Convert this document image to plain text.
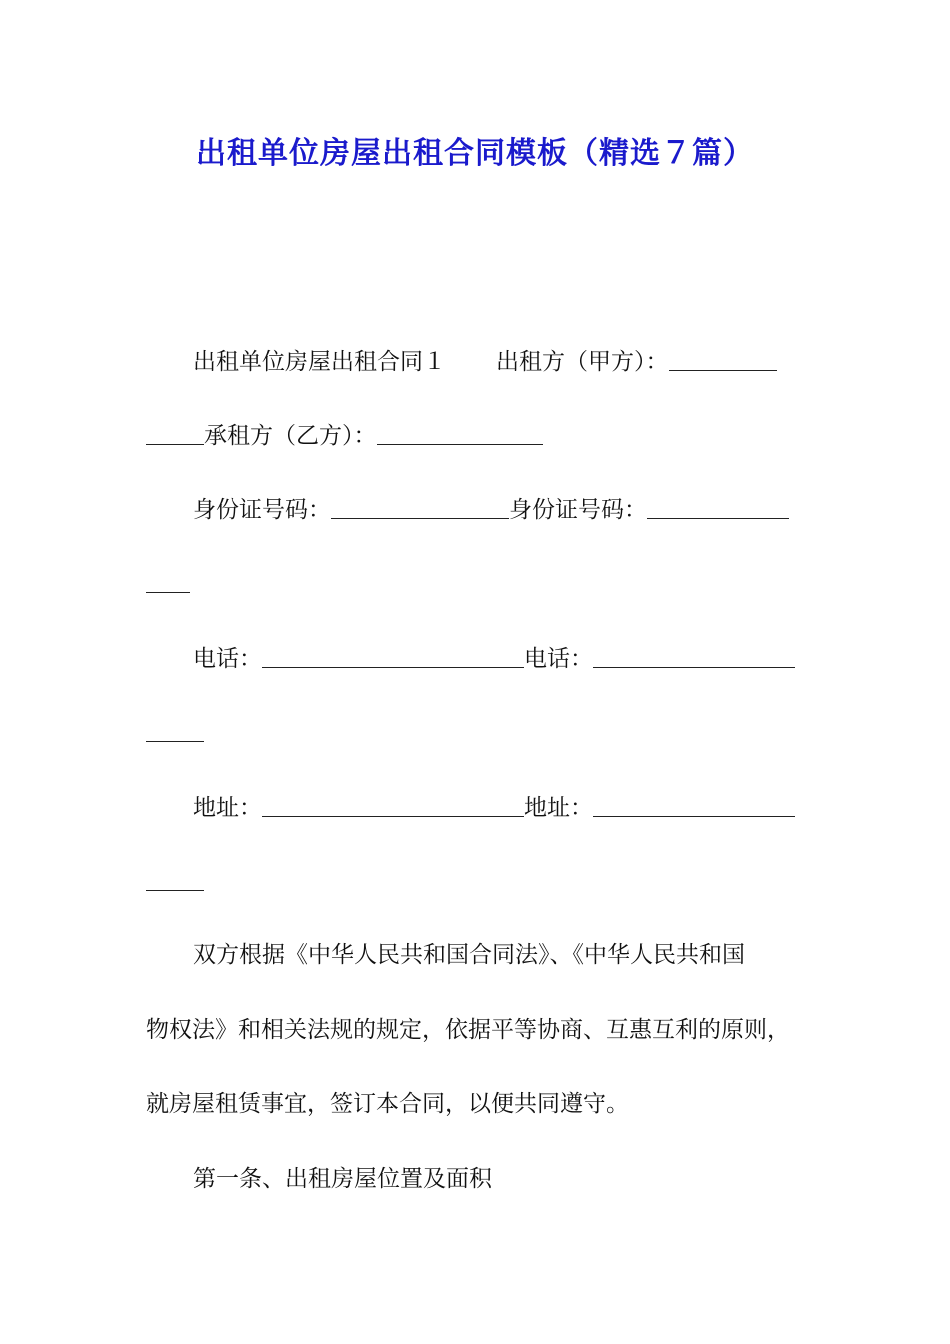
出租单位房屋出租合同模板（精选７篇）

出租单位房屋出租合同１ 出租方（甲方）：

承租方（乙方）：

身份证号码：	身份证号码：

电话：	电话：

地址：	地址：

双方根据《中华人民共和国合同法》、《中华人民共和国

物权法》和相关法规的规定，依据平等协商、互惠互利的原则，

就房屋租赁事宜，签订本合同，以便共同遵守。

第一条、出租房屋位置及面积
